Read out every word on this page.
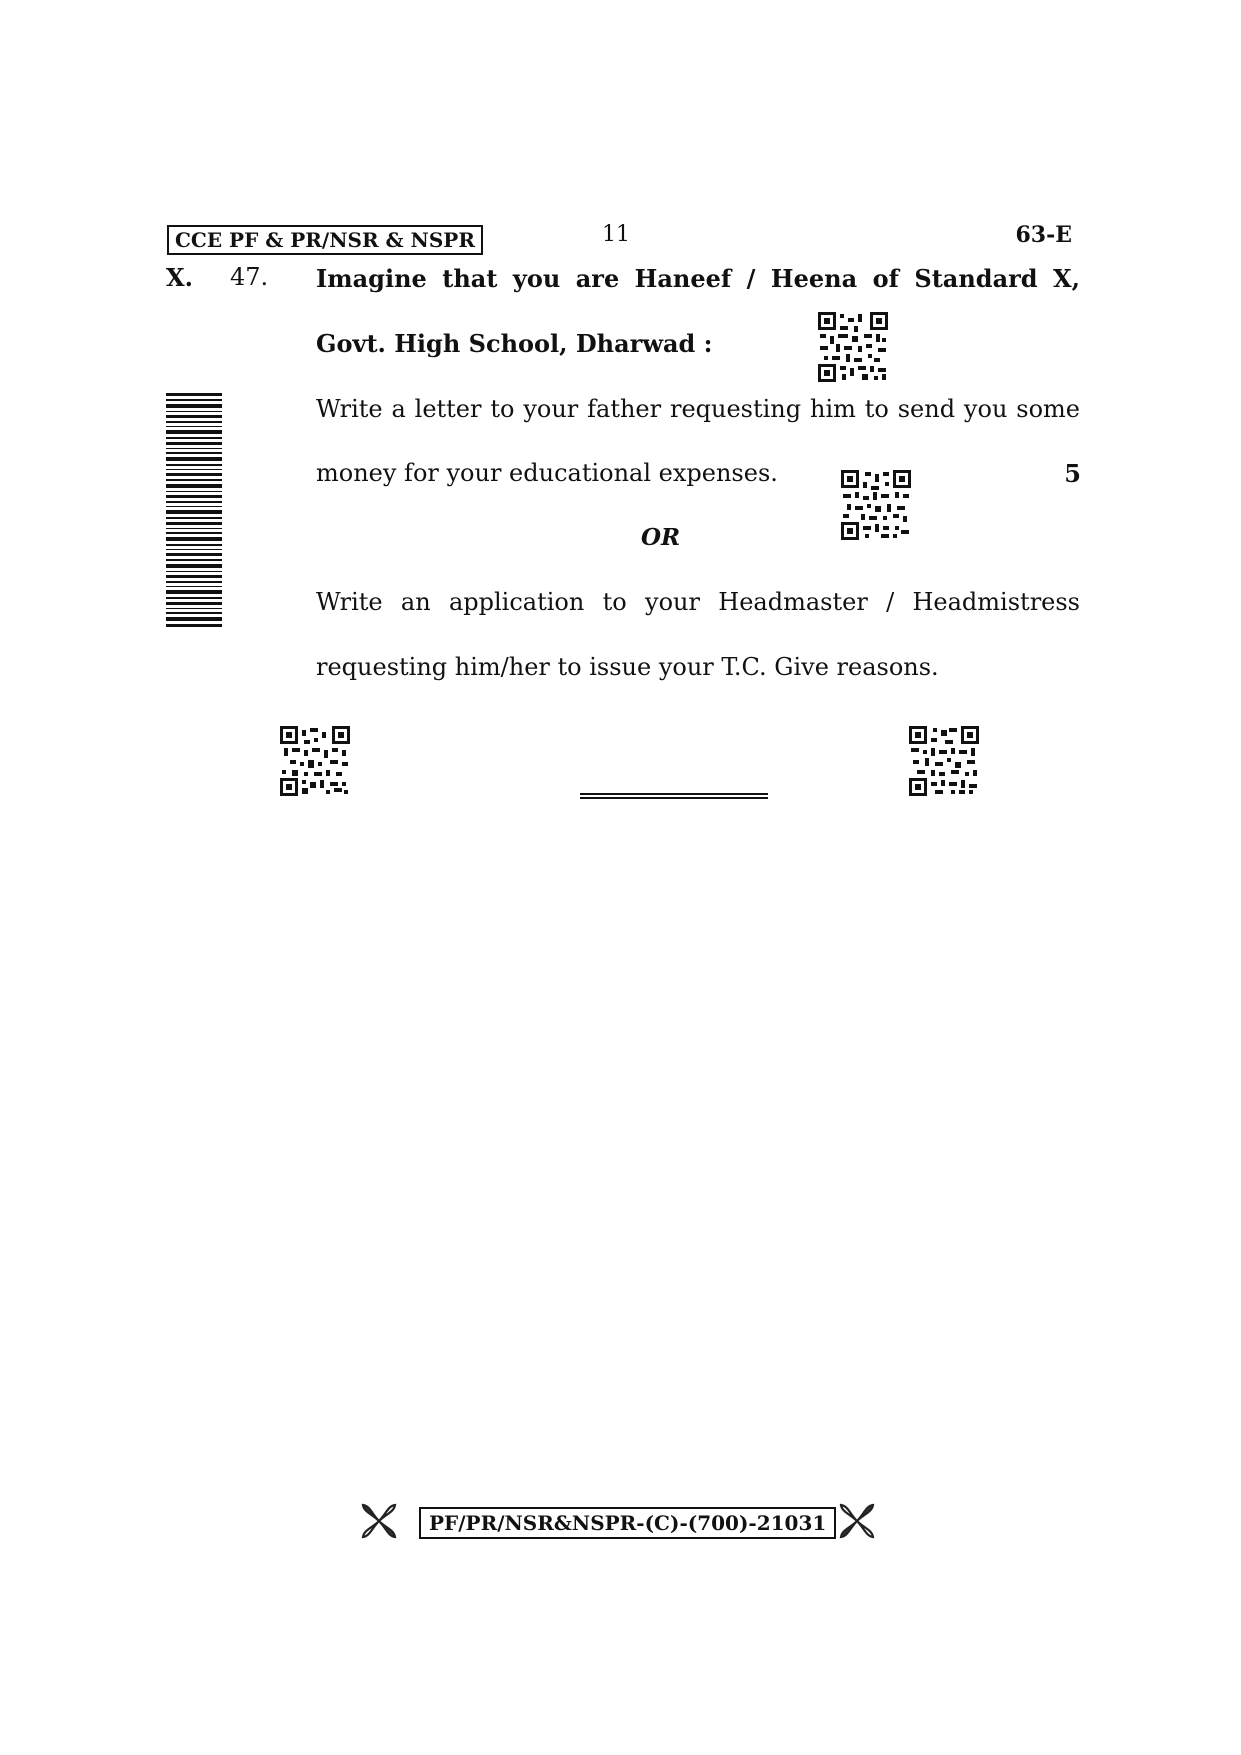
CCE PF & PR/NSR & NSPR	11	63-E
X. 47. Imagine that you are Haneef / Heena of Standard X,
Govt. High School, Dharwad :
Write a letter to your father requesting him to send you some
money for your educational expenses.	5
OR
Write an application to your Headmaster / Headmistress
requesting him/her to issue your T.C. Give reasons.
PF/PR/NSR&NSPR-(C)-(700)-21031
